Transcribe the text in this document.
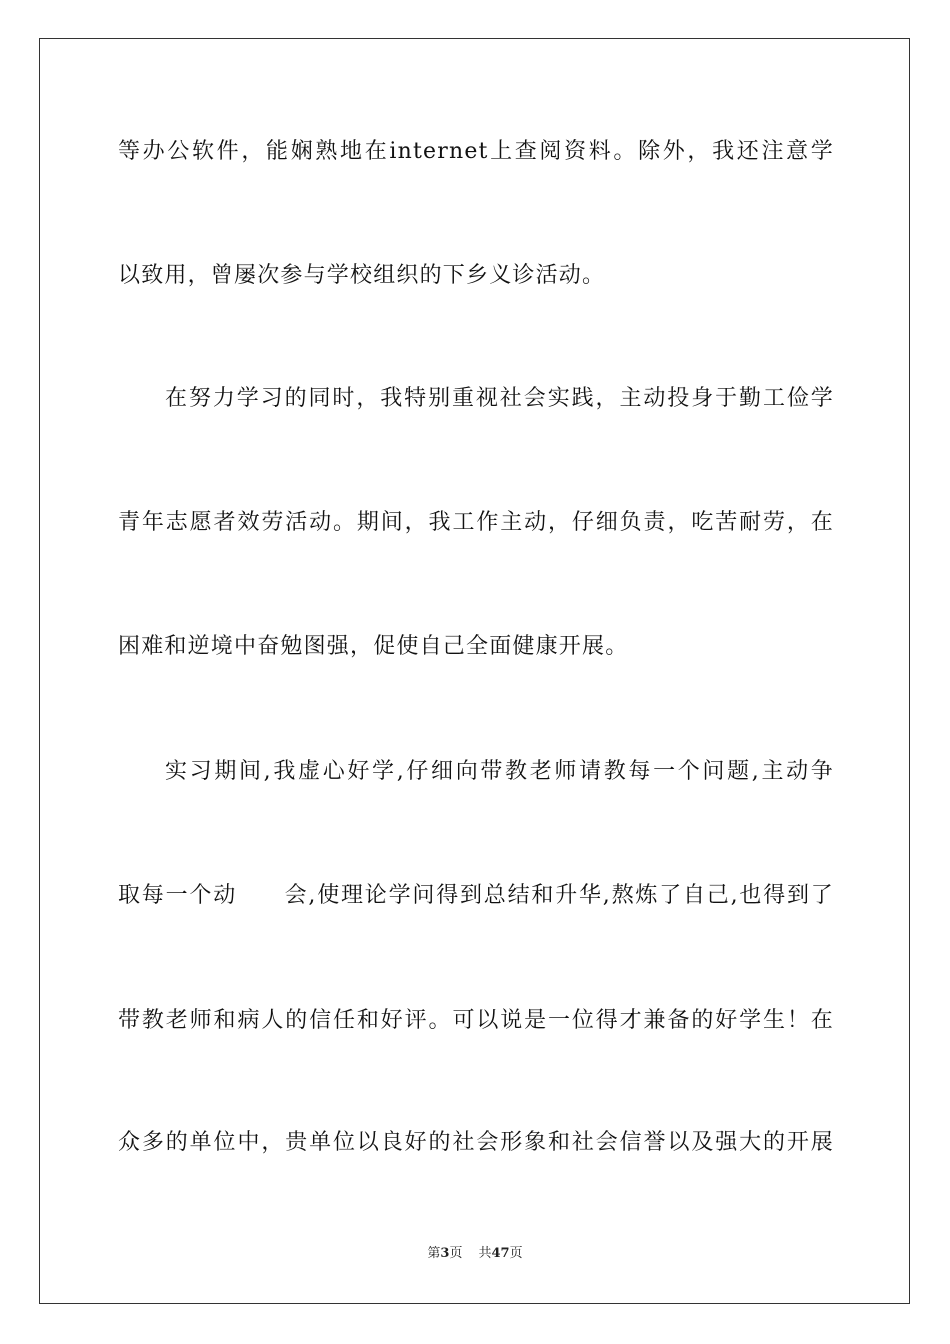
等办公软件，能娴熟地在internet上查阅资料。除外，我还注意学
以致用，曾屡次参与学校组织的下乡义诊活动。
在努力学习的同时，我特别重视社会实践，主动投身于勤工俭学
青年志愿者效劳活动。期间，我工作主动，仔细负责，吃苦耐劳，在
困难和逆境中奋勉图强，促使自己全面健康开展。
实习期间,我虚心好学,仔细向带教老师请教每一个问题,主动争
取每一个动　　会,使理论学问得到总结和升华,熬炼了自己,也得到了
带教老师和病人的信任和好评。可以说是一位得才兼备的好学生！在
众多的单位中，贵单位以良好的社会形象和社会信誉以及强大的开展
第3页 共47页
